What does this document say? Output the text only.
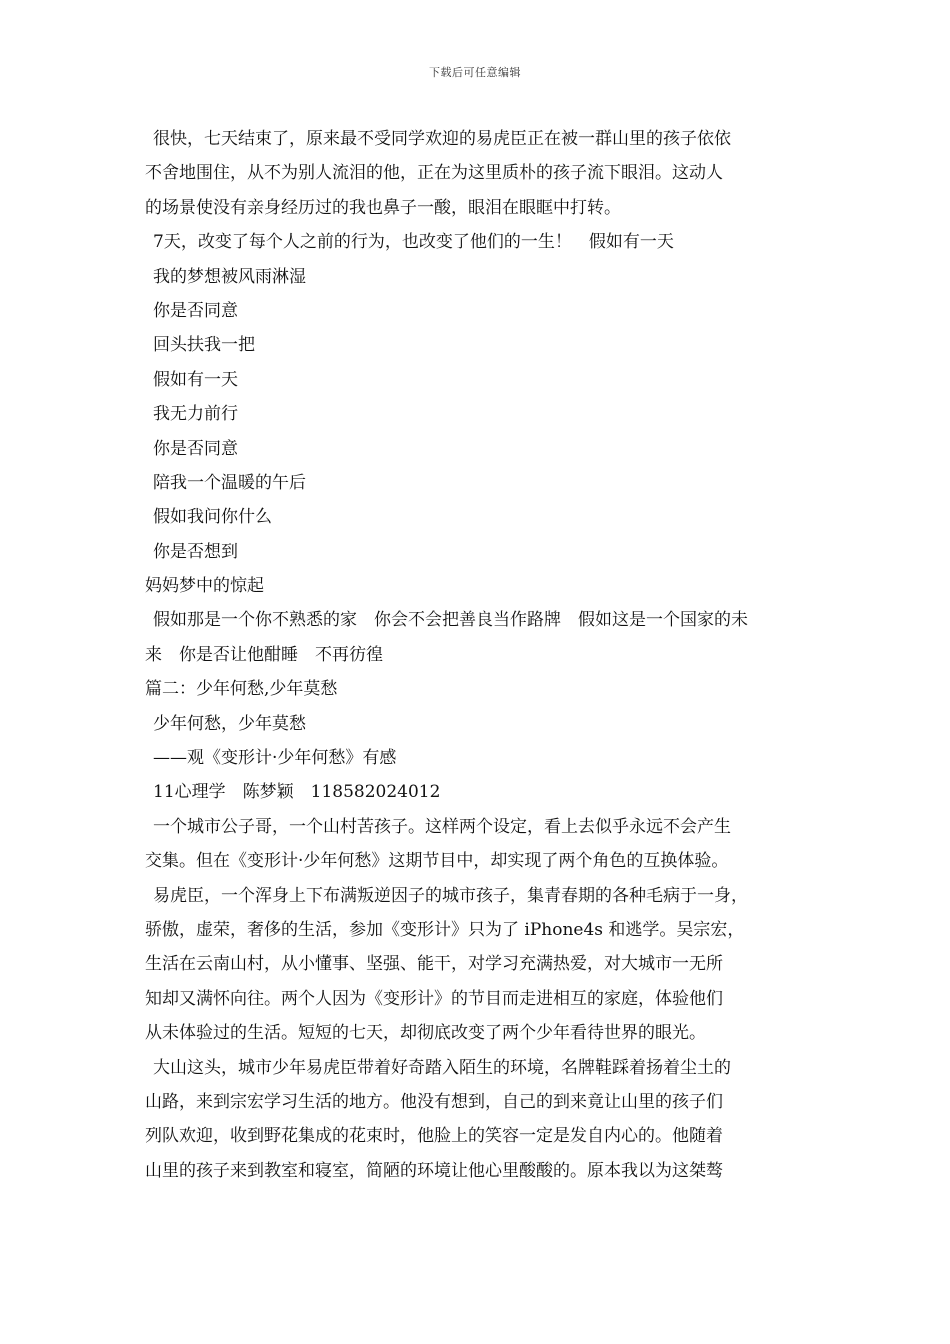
下载后可任意编辑
很快，七天结束了，原来最不受同学欢迎的易虎臣正在被一群山里的孩子依依
不舍地围住，从不为别人流泪的他，正在为这里质朴的孩子流下眼泪。这动人
的场景使没有亲身经历过的我也鼻子一酸，眼泪在眼眶中打转。
7天，改变了每个人之前的行为，也改变了他们的一生！　假如有一天
我的梦想被风雨淋湿
你是否同意
回头扶我一把
假如有一天
我无力前行
你是否同意
陪我一个温暖的午后
假如我问你什么
你是否想到
妈妈梦中的惊起
假如那是一个你不熟悉的家　你会不会把善良当作路牌　假如这是一个国家的未
来　你是否让他酣睡　不再彷徨
篇二：少年何愁,少年莫愁
少年何愁，少年莫愁
——观《变形计·少年何愁》有感
11心理学　陈梦颖　118582024012
一个城市公子哥，一个山村苦孩子。这样两个设定，看上去似乎永远不会产生
交集。但在《变形计·少年何愁》这期节目中，却实现了两个角色的互换体验。
易虎臣，一个浑身上下布满叛逆因子的城市孩子，集青春期的各种毛病于一身，
骄傲，虚荣，奢侈的生活，参加《变形计》只为了 iPhone4s 和逃学。吴宗宏，
生活在云南山村，从小懂事、坚强、能干，对学习充满热爱，对大城市一无所
知却又满怀向往。两个人因为《变形计》的节目而走进相互的家庭，体验他们
从未体验过的生活。短短的七天，却彻底改变了两个少年看待世界的眼光。
大山这头，城市少年易虎臣带着好奇踏入陌生的环境，名牌鞋踩着扬着尘土的
山路，来到宗宏学习生活的地方。他没有想到，自己的到来竟让山里的孩子们
列队欢迎，收到野花集成的花束时，他脸上的笑容一定是发自内心的。他随着
山里的孩子来到教室和寝室，简陋的环境让他心里酸酸的。原本我以为这桀骜
